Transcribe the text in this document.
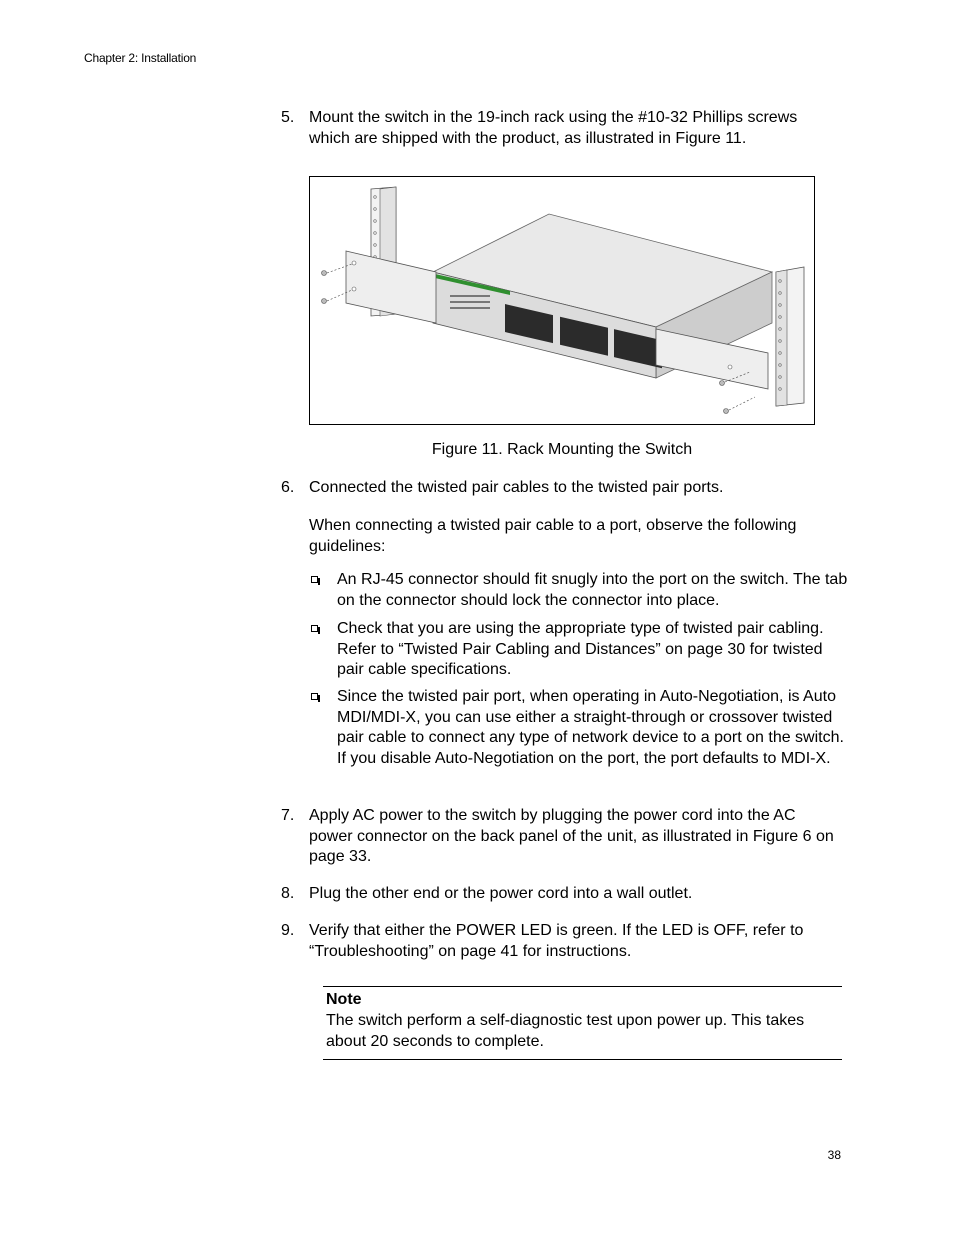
Chapter 2: Installation
5. Mount the switch in the 19-inch rack using the #10-32 Phillips screws which are shipped with the product, as illustrated in Figure 11.
Figure 11. Rack Mounting the Switch
6. Connected the twisted pair cables to the twisted pair ports.
When connecting a twisted pair cable to a port, observe the following guidelines:
An RJ-45 connector should fit snugly into the port on the switch. The tab on the connector should lock the connector into place.
Check that you are using the appropriate type of twisted pair cabling. Refer to “Twisted Pair Cabling and Distances” on page 30 for twisted pair cable specifications.
Since the twisted pair port, when operating in Auto-Negotiation, is Auto MDI/MDI-X, you can use either a straight-through or crossover twisted pair cable to connect any type of network device to a port on the switch. If you disable Auto-Negotiation on the port, the port defaults to MDI-X.
7. Apply AC power to the switch by plugging the power cord into the AC power connector on the back panel of the unit, as illustrated in Figure 6 on page 33.
8. Plug the other end or the power cord into a wall outlet.
9. Verify that either the POWER LED is green. If the LED is OFF, refer to “Troubleshooting” on page 41 for instructions.
Note
The switch perform a self-diagnostic test upon power up. This takes about 20 seconds to complete.
38
